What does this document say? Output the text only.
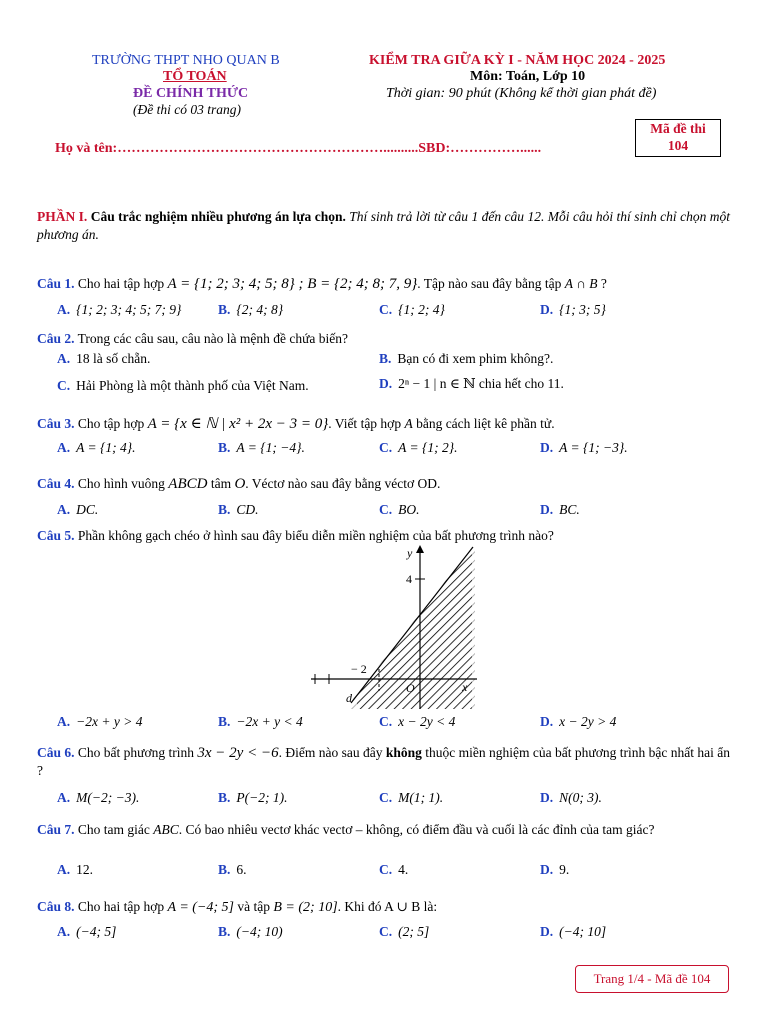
TRƯỜNG THPT NHO QUAN B
TỔ TOÁN
ĐỀ CHÍNH THỨC
(Đề thi có 03 trang)
KIỂM TRA GIỮA KỲ I - NĂM HỌC 2024 - 2025
Môn: Toán, Lớp 10
Thời gian: 90 phút (Không kể thời gian phát đề)
Họ và tên:…………………………………………………..........SBD:……………......
Mã đề thi
104
PHẦN I. Câu trắc nghiệm nhiều phương án lựa chọn. Thí sinh trả lời từ câu 1 đến câu 12. Mỗi câu hỏi thí sinh chỉ chọn một phương án.
Câu 1. Cho hai tập hợp A = {1; 2; 3; 4; 5; 8} ; B = {2; 4; 8; 7, 9}. Tập nào sau đây bằng tập A ∩ B ?
A. {1; 2; 3; 4; 5; 7; 9}	B. {2; 4; 8}	C. {1; 2; 4}	D. {1; 3; 5}
Câu 2. Trong các câu sau, câu nào là mệnh đề chứa biến?
A. 18 là số chẵn.	B. Bạn có đi xem phim không?.
C. Hải Phòng là một thành phố của Việt Nam.	D. 2ⁿ − 1 | n ∈ ℕ chia hết cho 11.
Câu 3. Cho tập hợp A = {x ∈ ℕ | x² + 2x − 3 = 0}. Viết tập hợp A bằng cách liệt kê phần tử.
A. A = {1; 4}.	B. A = {1; −4}.	C. A = {1; 2}.	D. A = {1; −3}.
Câu 4. Cho hình vuông ABCD tâm O. Véctơ nào sau đây bằng véctơ OD.
A. DC.	B. CD.	C. BO.	D. BC.
Câu 5. Phần không gạch chéo ở hình sau đây biểu diễn miền nghiệm của bất phương trình nào?
y
4
− 2
O	x
d
A. −2x + y > 4	B. −2x + y < 4	C. x − 2y < 4	D. x − 2y > 4
Câu 6. Cho bất phương trình 3x − 2y < −6. Điểm nào sau đây không thuộc miền nghiệm của bất phương trình bậc nhất hai ẩn ?
A. M(−2; −3).	B. P(−2; 1).	C. M(1; 1).	D. N(0; 3).
Câu 7. Cho tam giác ABC. Có bao nhiêu vectơ khác vectơ – không, có điểm đầu và cuối là các đỉnh của tam giác?
A. 12.	B. 6.	C. 4.	D. 9.
Câu 8. Cho hai tập hợp A = (−4; 5] và tập B = (2; 10]. Khi đó A ∪ B là:
A. (−4; 5]	B. (−4; 10)	C. (2; 5]	D. (−4; 10]
Trang 1/4 - Mã đề 104
